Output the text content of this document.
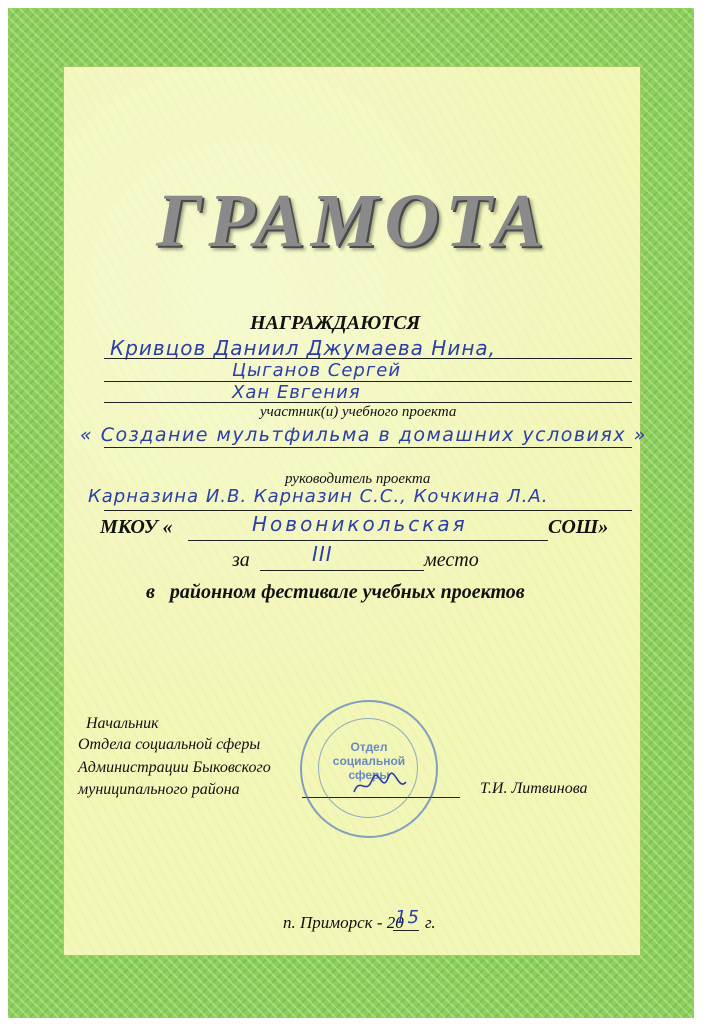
ГРАМОТА
НАГРАЖДАЮТСЯ
Кривцов Даниил Джумаева Нина,
Цыганов Сергей
Хан Евгения
участник(и) учебного проекта
« Создание мультфильма в домашних условиях »
руководитель проекта
Карназина И.В. Карназин С.С., Кочкина Л.А.
МКОУ «	Новоникольская	СОШ»
за	III	место
в   районном фестивале учебных проектов
Начальник
Отдела социальной сферы
Администрации Быковского
муниципального района	Т.И. Литвинова
Отдел
социальной
сферы
п. Приморск - 20
15 г.
